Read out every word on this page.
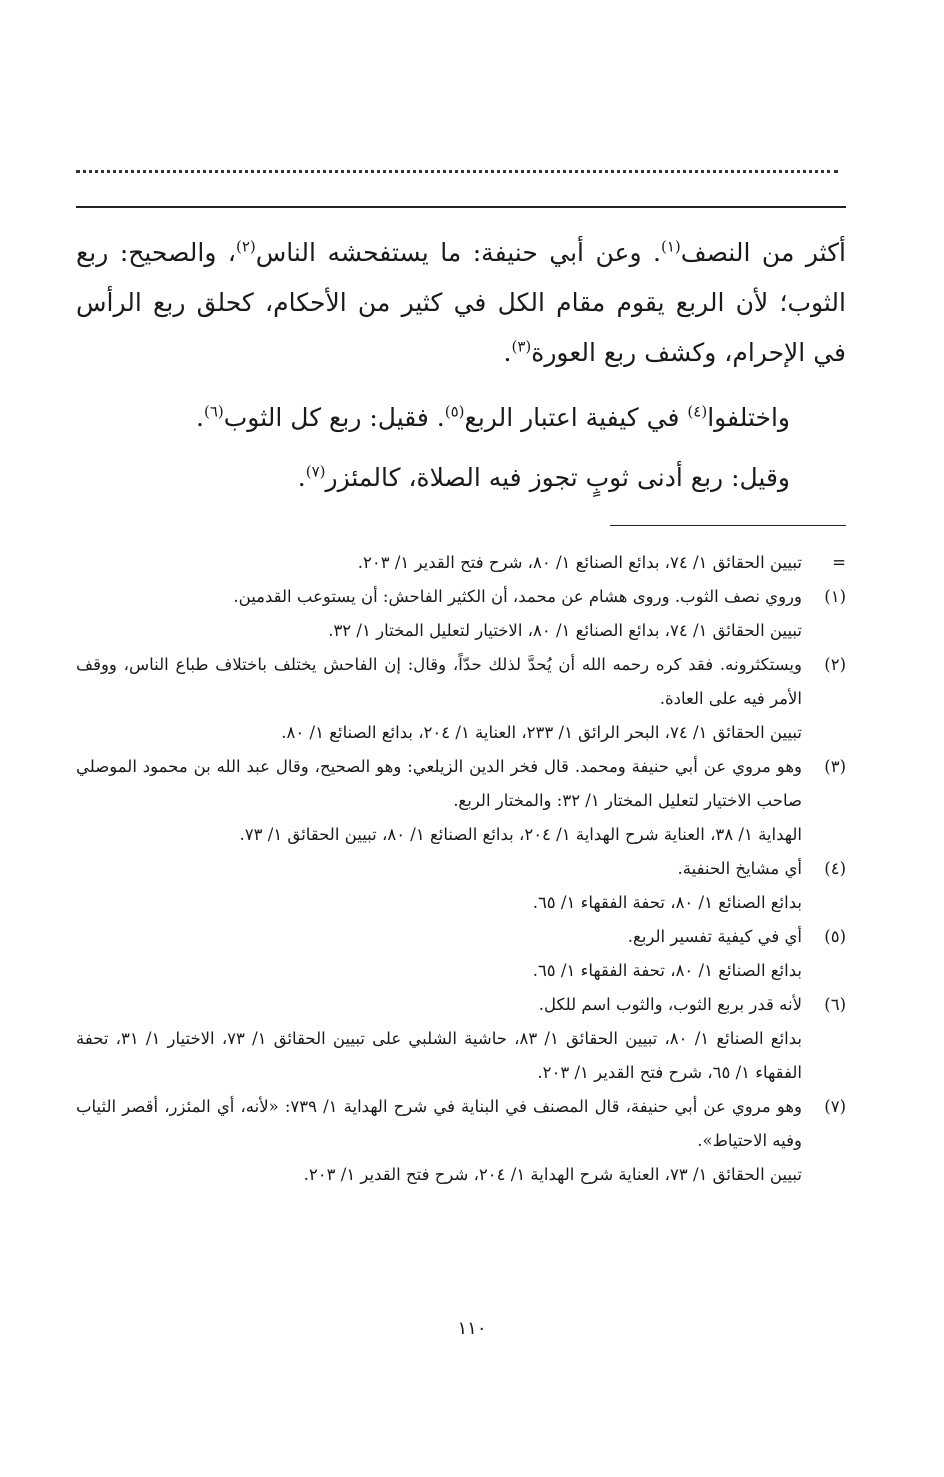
أكثر من النصف$^{(١)}$. وعن أبي حنيفة: ما يستفحشه الناس$^{(٢)}$، والصحيح: ربع الثوب؛ لأن الربع يقوم مقام الكل في كثير من الأحكام، كحلق ربع الرأس في الإحرام، وكشف ربع العورة$^{(٣)}$.

واختلفوا$^{(٤)}$ في كيفية اعتبار الربع$^{(٥)}$. فقيل: ربع كل الثوب$^{(٦)}$.

وقيل: ربع أدنى ثوبٍ تجوز فيه الصلاة، كالمئزر$^{(٧)}$.

=
تبيين الحقائق ١/ ٧٤، بدائع الصنائع ١/ ٨٠، شرح فتح القدير ١/ ٢٠٣.
(١)
وروي نصف الثوب. وروى هشام عن محمد، أن الكثير الفاحش: أن يستوعب القدمين.
تبيين الحقائق ١/ ٧٤، بدائع الصنائع ١/ ٨٠، الاختيار لتعليل المختار ١/ ٣٢.
(٢)
ويستكثرونه. فقد كره رحمه الله أن يُحدَّ لذلك حدّاً، وقال: إن الفاحش يختلف باختلاف طباع الناس، ووقف الأمر فيه على العادة.
تبيين الحقائق ١/ ٧٤، البحر الرائق ١/ ٢٣٣، العناية ١/ ٢٠٤، بدائع الصنائع ١/ ٨٠.
(٣)
وهو مروي عن أبي حنيفة ومحمد. قال فخر الدين الزيلعي: وهو الصحيح، وقال عبد الله بن محمود الموصلي صاحب الاختيار لتعليل المختار ١/ ٣٢: والمختار الربع.
الهداية ١/ ٣٨، العناية شرح الهداية ١/ ٢٠٤، بدائع الصنائع ١/ ٨٠، تبيين الحقائق ١/ ٧٣.
(٤)
أي مشايخ الحنفية.
بدائع الصنائع ١/ ٨٠، تحفة الفقهاء ١/ ٦٥.
(٥)
أي في كيفية تفسير الربع.
بدائع الصنائع ١/ ٨٠، تحفة الفقهاء ١/ ٦٥.
(٦)
لأنه قدر بربع الثوب، والثوب اسم للكل.
بدائع الصنائع ١/ ٨٠، تبيين الحقائق ١/ ٨٣، حاشية الشلبي على تبيين الحقائق ١/ ٧٣، الاختيار ١/ ٣١، تحفة الفقهاء ١/ ٦٥، شرح فتح القدير ١/ ٢٠٣.
(٧)
وهو مروي عن أبي حنيفة، قال المصنف في البناية في شرح الهداية ١/ ٧٣٩: «لأنه، أي المئزر، أقصر الثياب وفيه الاحتياط».
تبيين الحقائق ١/ ٧٣، العناية شرح الهداية ١/ ٢٠٤، شرح فتح القدير ١/ ٢٠٣.
١١٠
